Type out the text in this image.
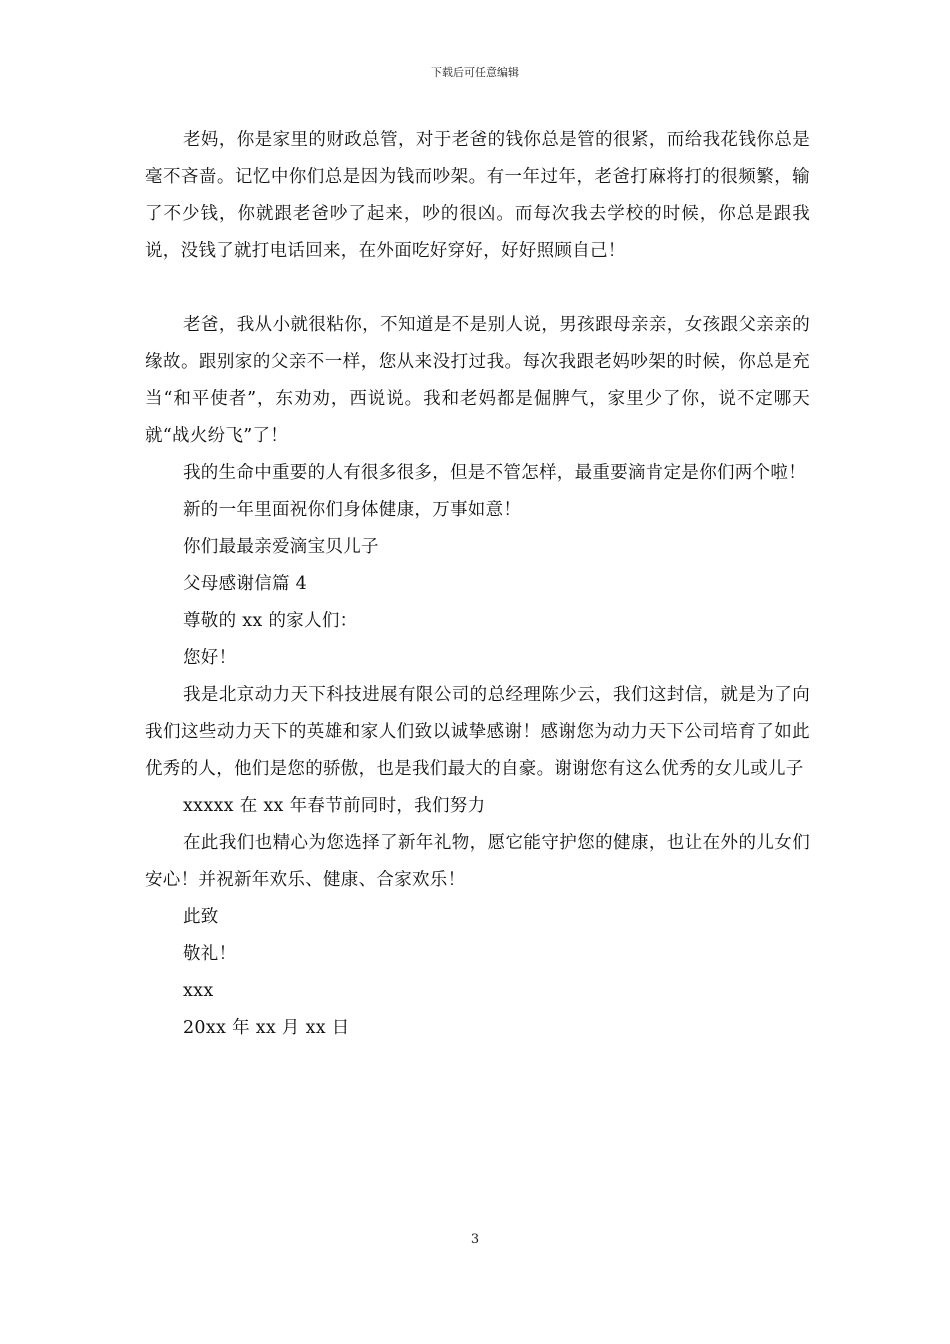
下载后可任意编辑

老妈，你是家里的财政总管，对于老爸的钱你总是管的很紧，而给我花钱你总是毫不吝啬。记忆中你们总是因为钱而吵架。有一年过年，老爸打麻将打的很频繁，输了不少钱，你就跟老爸吵了起来，吵的很凶。而每次我去学校的时候，你总是跟我说，没钱了就打电话回来，在外面吃好穿好，好好照顾自己！

老爸，我从小就很粘你，不知道是不是别人说，男孩跟母亲亲，女孩跟父亲亲的缘故。跟别家的父亲不一样，您从来没打过我。每次我跟老妈吵架的时候，你总是充当“和平使者”，东劝劝，西说说。我和老妈都是倔脾气，家里少了你，说不定哪天就“战火纷飞”了！

我的生命中重要的人有很多很多，但是不管怎样，最重要滴肯定是你们两个啦！

新的一年里面祝你们身体健康，万事如意！

你们最最亲爱滴宝贝儿子

父母感谢信篇 4

尊敬的 xx 的家人们：

您好！

我是北京动力天下科技进展有限公司的总经理陈少云，我们这封信，就是为了向我们这些动力天下的英雄和家人们致以诚挚感谢！感谢您为动力天下公司培育了如此优秀的人，他们是您的骄傲，也是我们最大的自豪。谢谢您有这么优秀的女儿或儿子

xxxxx 在 xx 年春节前同时，我们努力

在此我们也精心为您选择了新年礼物，愿它能守护您的健康，也让在外的儿女们安心！并祝新年欢乐、健康、合家欢乐！

此致

敬礼！

xxx

20xx 年 xx 月 xx 日

3
